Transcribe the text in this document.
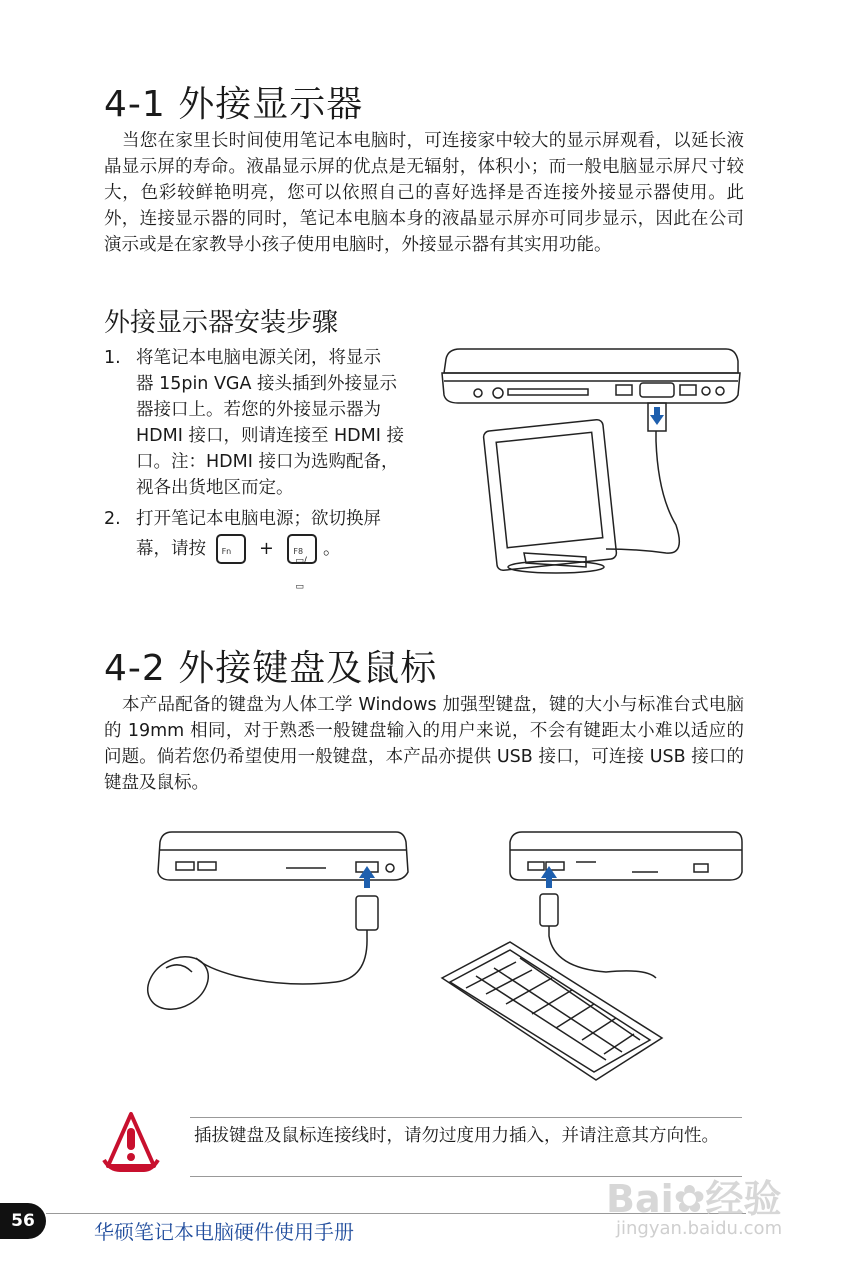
4-1 外接显示器

当您在家里长时间使用笔记本电脑时，可连接家中较大的显示屏观看，以延长液晶显示屏的寿命。液晶显示屏的优点是无辐射，体积小；而一般电脑显示屏尺寸较大，色彩较鲜艳明亮，您可以依照自己的喜好选择是否连接外接显示器使用。此外，连接显示器的同时，笔记本电脑本身的液晶显示屏亦可同步显示，因此在公司演示或是在家教导小孩子使用电脑时，外接显示器有其实用功能。

外接显示器安装步骤
1. 将笔记本电脑电源关闭，将显示
器 15pin VGA 接头插到外接显示
器接口上。若您的外接显示器为
HDMI 接口，则请连接至 HDMI 接
口。注：HDMI 接口为选购配备，
视各出货地区而定。
2. 打开笔记本电脑电源；欲切换屏
幕，请按 Fn + F8
▭/▭
。
4-2 外接键盘及鼠标

本产品配备的键盘为人体工学 Windows 加强型键盘，键的大小与标准台式电脑的 19mm 相同，对于熟悉一般键盘输入的用户来说，不会有键距太小难以适应的问题。倘若您仍希望使用一般键盘，本产品亦提供 USB 接口，可连接 USB 接口的键盘及鼠标。

插拔键盘及鼠标连接线时，请勿过度用力插入，并请注意其方向性。
56	华硕笔记本电脑硬件使用手册
Bai✿经验
jingyan.baidu.com
